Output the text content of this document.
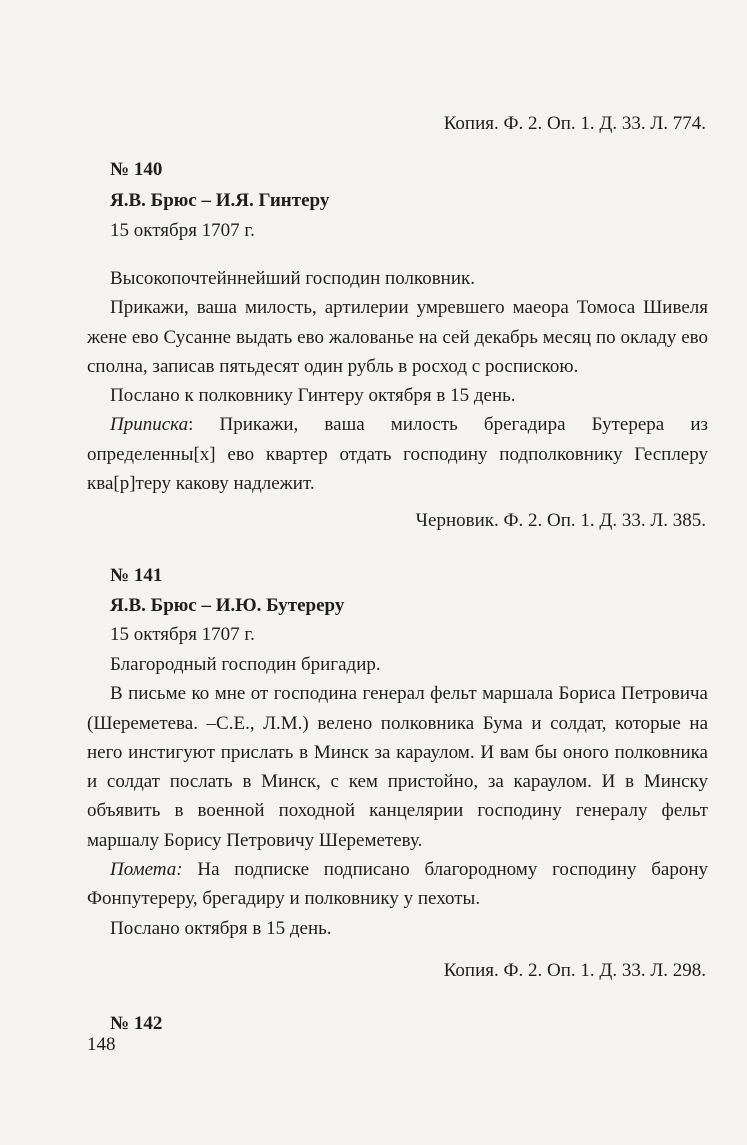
Копия. Ф. 2. Оп. 1. Д. 33. Л. 774.
№ 140
Я.В. Брюс – И.Я. Гинтеру
15 октября 1707 г.

Высокопочтейннейший господин полковник.

Прикажи, ваша милость, артилерии умревшего маеора Томоса Шивеля жене ево Сусанне выдать ево жалованье на сей декабрь месяц по окладу ево сполна, записав пятьдесят один рубль в росход с роспискою.

Послано к полковнику Гинтеру октября в 15 день.

Приписка: Прикажи, ваша милость брегадира Бутерера из определенны[х] ево квартер отдать господину подполковнику Гесплеру ква[р]теру какову надлежит.

Черновик. Ф. 2. Оп. 1. Д. 33. Л. 385.
№ 141
Я.В. Брюс – И.Ю. Бутереру
15 октября 1707 г.

Благородный господин бригадир.

В письме ко мне от господина генерал фельт маршала Бориса Петровича (Шереметева. –С.Е., Л.М.) велено полковника Бума и солдат, которые на него инстигуют прислать в Минск за караулом. И вам бы оного полковника и солдат послать в Минск, с кем пристойно, за караулом. И в Минску объявить в военной походной канцелярии господину генералу фельт маршалу Борису Петровичу Шереметеву.

Помета: На подписке подписано благородному господину барону Фонпутереру, брегадиру и полковнику у пехоты.

Послано октября в 15 день.

Копия. Ф. 2. Оп. 1. Д. 33. Л. 298.
№ 142
148
